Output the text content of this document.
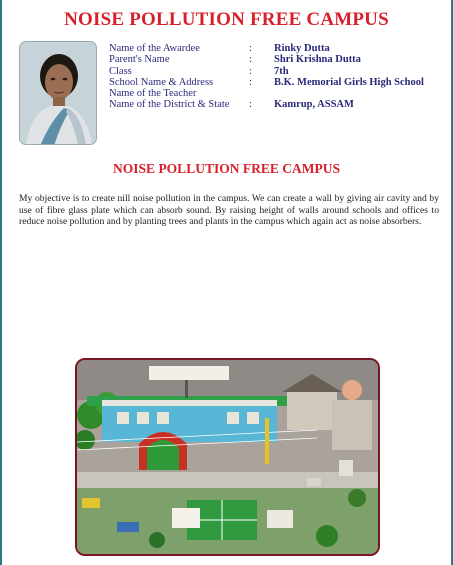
NOISE POLLUTION FREE CAMPUS
Name of the Awardee	:	Rinky Dutta
Parent's Name	:	Shri Krishna Dutta
Class	:	7th
School Name & Address	:	B.K. Memorial Girls High School
Name of the Teacher
Name of the District & State	:	Kamrup, ASSAM
NOISE POLLUTION FREE CAMPUS

My objective is to create nill noise pollution in the campus. We can create a wall by giving air cavity and by use of fibre glass plate which can absorb sound. By raising height of walls around schools and offices to reduce noise pollution and by planting trees and plants in the campus which again act as noise absorbers.
